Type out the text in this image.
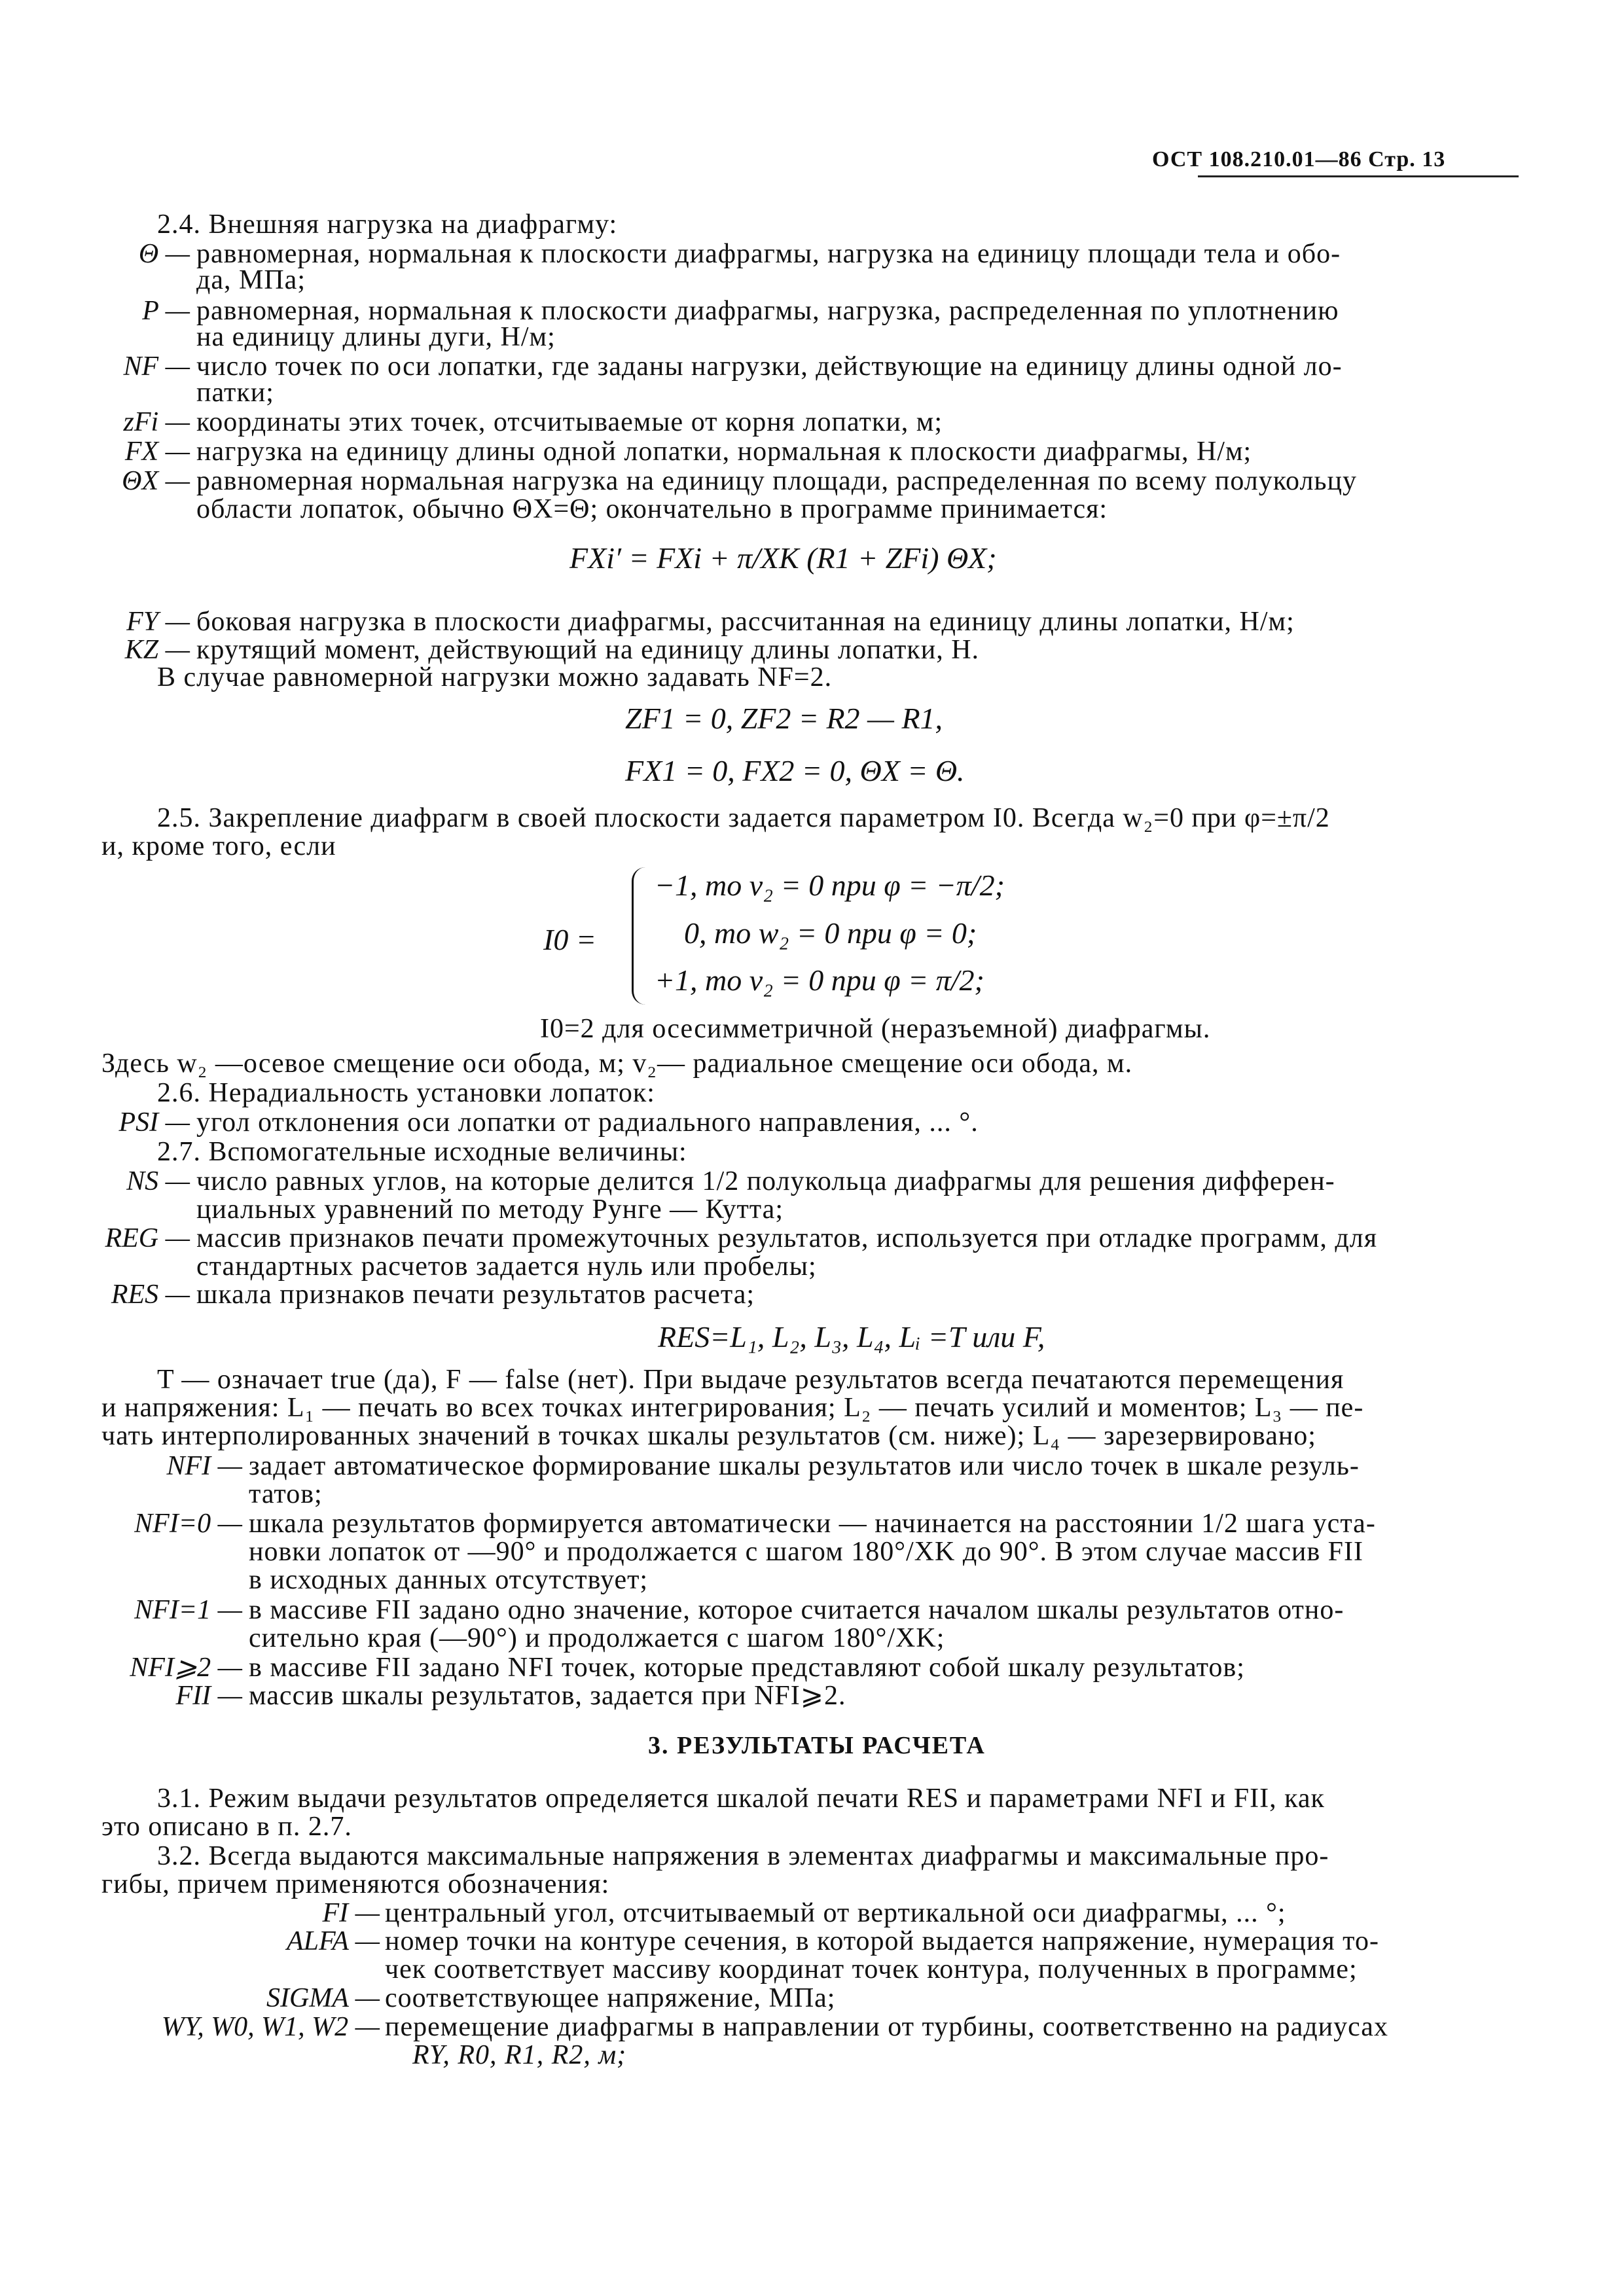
ОСТ 108.210.01—86 Стр. 13
2.4. Внешняя нагрузка на диафрагму:
Θ — равномерная, нормальная к плоскости диафрагмы, нагрузка на единицу площади тела и обо-
да, МПа;
P — равномерная, нормальная к плоскости диафрагмы, нагрузка, распределенная по уплотнению
на единицу длины дуги, Н/м;
NF — число точек по оси лопатки, где заданы нагрузки, действующие на единицу длины одной ло-
патки;
zFi — координаты этих точек, отсчитываемые от корня лопатки, м;
FX — нагрузка на единицу длины одной лопатки, нормальная к плоскости диафрагмы, Н/м;
ΘX — равномерная нормальная нагрузка на единицу площади, распределенная по всему полукольцу
области лопаток, обычно ΘX=Θ; окончательно в программе принимается:
FXi′ = FXi + π/XK (R1 + ZFi) ΘX;
FY — боковая нагрузка в плоскости диафрагмы, рассчитанная на единицу длины лопатки, Н/м;
KZ — крутящий момент, действующий на единицу длины лопатки, Н.
В случае равномерной нагрузки можно задавать NF=2.
ZF1 = 0, ZF2 = R2 — R1,
FX1 = 0, FX2 = 0, ΘX = Θ.
2.5. Закрепление диафрагм в своей плоскости задается параметром I0. Всегда w₂=0 при φ=±π/2
и, кроме того, если
I0 =
−1, то v₂ = 0 при φ = −π/2;
0, то w₂ = 0 при φ = 0;
+1, то v₂ = 0 при φ = π/2;
I0=2 для осесимметричной (неразъемной) диафрагмы.
Здесь w₂ —осевое смещение оси обода, м; v₂— радиальное смещение оси обода, м.
2.6. Нерадиальность установки лопаток:
PSI — угол отклонения оси лопатки от радиального направления, ... °.
2.7. Вспомогательные исходные величины:
NS — число равных углов, на которые делится 1/2 полукольца диафрагмы для решения дифферен-
циальных уравнений по методу Рунге — Кутта;
REG — массив признаков печати промежуточных результатов, используется при отладке программ, для
стандартных расчетов задается нуль или пробелы;
RES — шкала признаков печати результатов расчета;
RES=L₁, L₂, L₃, L₄, Lᵢ =T или F,
T — означает true (да), F — false (нет). При выдаче результатов всегда печатаются перемещения
и напряжения: L₁ — печать во всех точках интегрирования; L₂ — печать усилий и моментов; L₃ — пе-
чать интерполированных значений в точках шкалы результатов (см. ниже); L₄ — зарезервировано;
NFI — задает автоматическое формирование шкалы результатов или число точек в шкале резуль-
татов;
NFI=0 — шкала результатов формируется автоматически — начинается на расстоянии 1/2 шага уста-
новки лопаток от —90° и продолжается с шагом 180°/XK до 90°. В этом случае массив FII
в исходных данных отсутствует;
NFI=1 — в массиве FII задано одно значение, которое считается началом шкалы результатов отно-
сительно края (—90°) и продолжается с шагом 180°/XK;
NFI⩾2 — в массиве FII задано NFI точек, которые представляют собой шкалу результатов;
FII — массив шкалы результатов, задается при NFI⩾2.
3. РЕЗУЛЬТАТЫ РАСЧЕТА
3.1. Режим выдачи результатов определяется шкалой печати RES и параметрами NFI и FII, как
это описано в п. 2.7.
3.2. Всегда выдаются максимальные напряжения в элементах диафрагмы и максимальные про-
гибы, причем применяются обозначения:
FI — центральный угол, отсчитываемый от вертикальной оси диафрагмы, ... °;
ALFA — номер точки на контуре сечения, в которой выдается напряжение, нумерация то-
чек соответствует массиву координат точек контура, полученных в программе;
SIGMA — соответствующее напряжение, МПа;
WY, W0, W1, W2 — перемещение диафрагмы в направлении от турбины, соответственно на радиусах
RY, R0, R1, R2, м;
